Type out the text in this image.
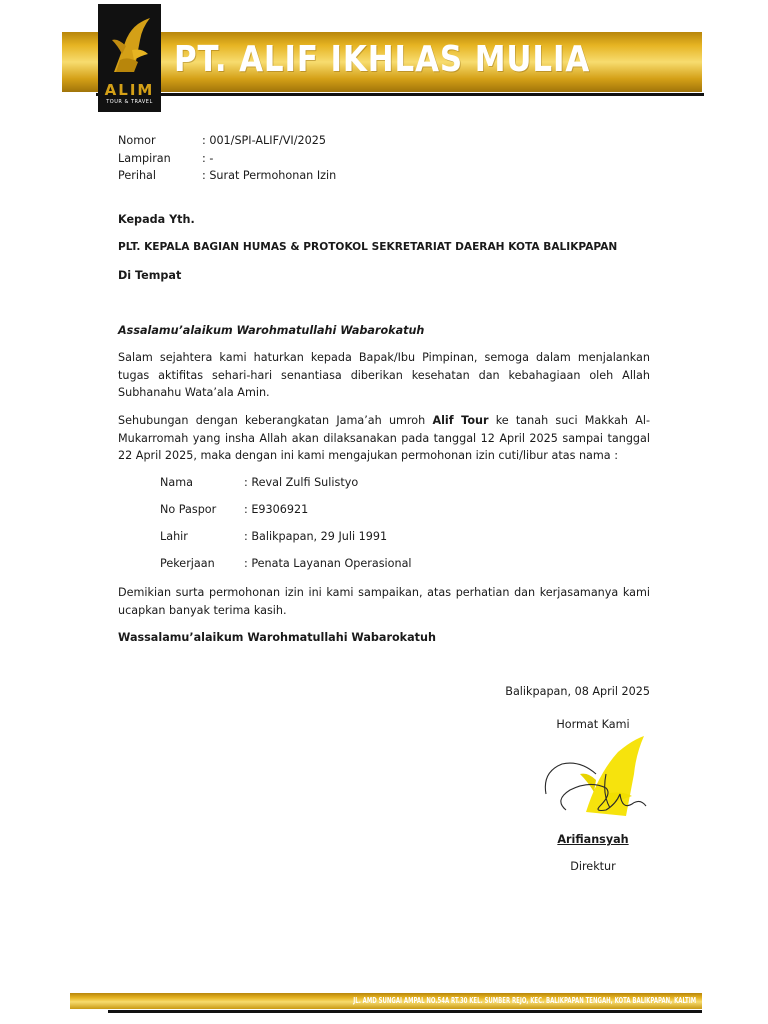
ALIM
TOUR & TRAVEL
PT. ALIF IKHLAS MULIA
Nomor	: 001/SPI-ALIF/VI/2025
Lampiran	: -
Perihal	: Surat Permohonan Izin
Kepada Yth.
PLT. KEPALA BAGIAN HUMAS & PROTOKOL SEKRETARIAT DAERAH KOTA BALIKPAPAN
Di Tempat
Assalamu’alaikum Warohmatullahi Wabarokatuh
Salam sejahtera kami haturkan kepada Bapak/Ibu Pimpinan, semoga dalam menjalankan tugas aktifitas sehari-hari senantiasa diberikan kesehatan dan kebahagiaan oleh Allah Subhanahu Wata’ala Amin.
Sehubungan dengan keberangkatan Jama’ah umroh Alif Tour ke tanah suci Makkah Al-Mukarromah yang insha Allah akan dilaksanakan pada tanggal 12 April 2025 sampai tanggal 22 April 2025, maka dengan ini kami mengajukan permohonan izin cuti/libur atas nama :
Nama	: Reval Zulfi Sulistyo
No Paspor : E9306921
Lahir	: Balikpapan, 29 Juli 1991
Pekerjaan	: Penata Layanan Operasional
Demikian surta permohonan izin ini kami sampaikan, atas perhatian dan kerjasamanya kami ucapkan banyak terima kasih.
Wassalamu’alaikum Warohmatullahi Wabarokatuh
Balikpapan, 08 April 2025
Hormat Kami
Arifiansyah
Direktur
JL. AMD SUNGAI AMPAL NO.54A RT.30 KEL. SUMBER REJO, KEC. BALIKPAPAN TENGAH, KOTA BALIKPAPAN, KALTIM
